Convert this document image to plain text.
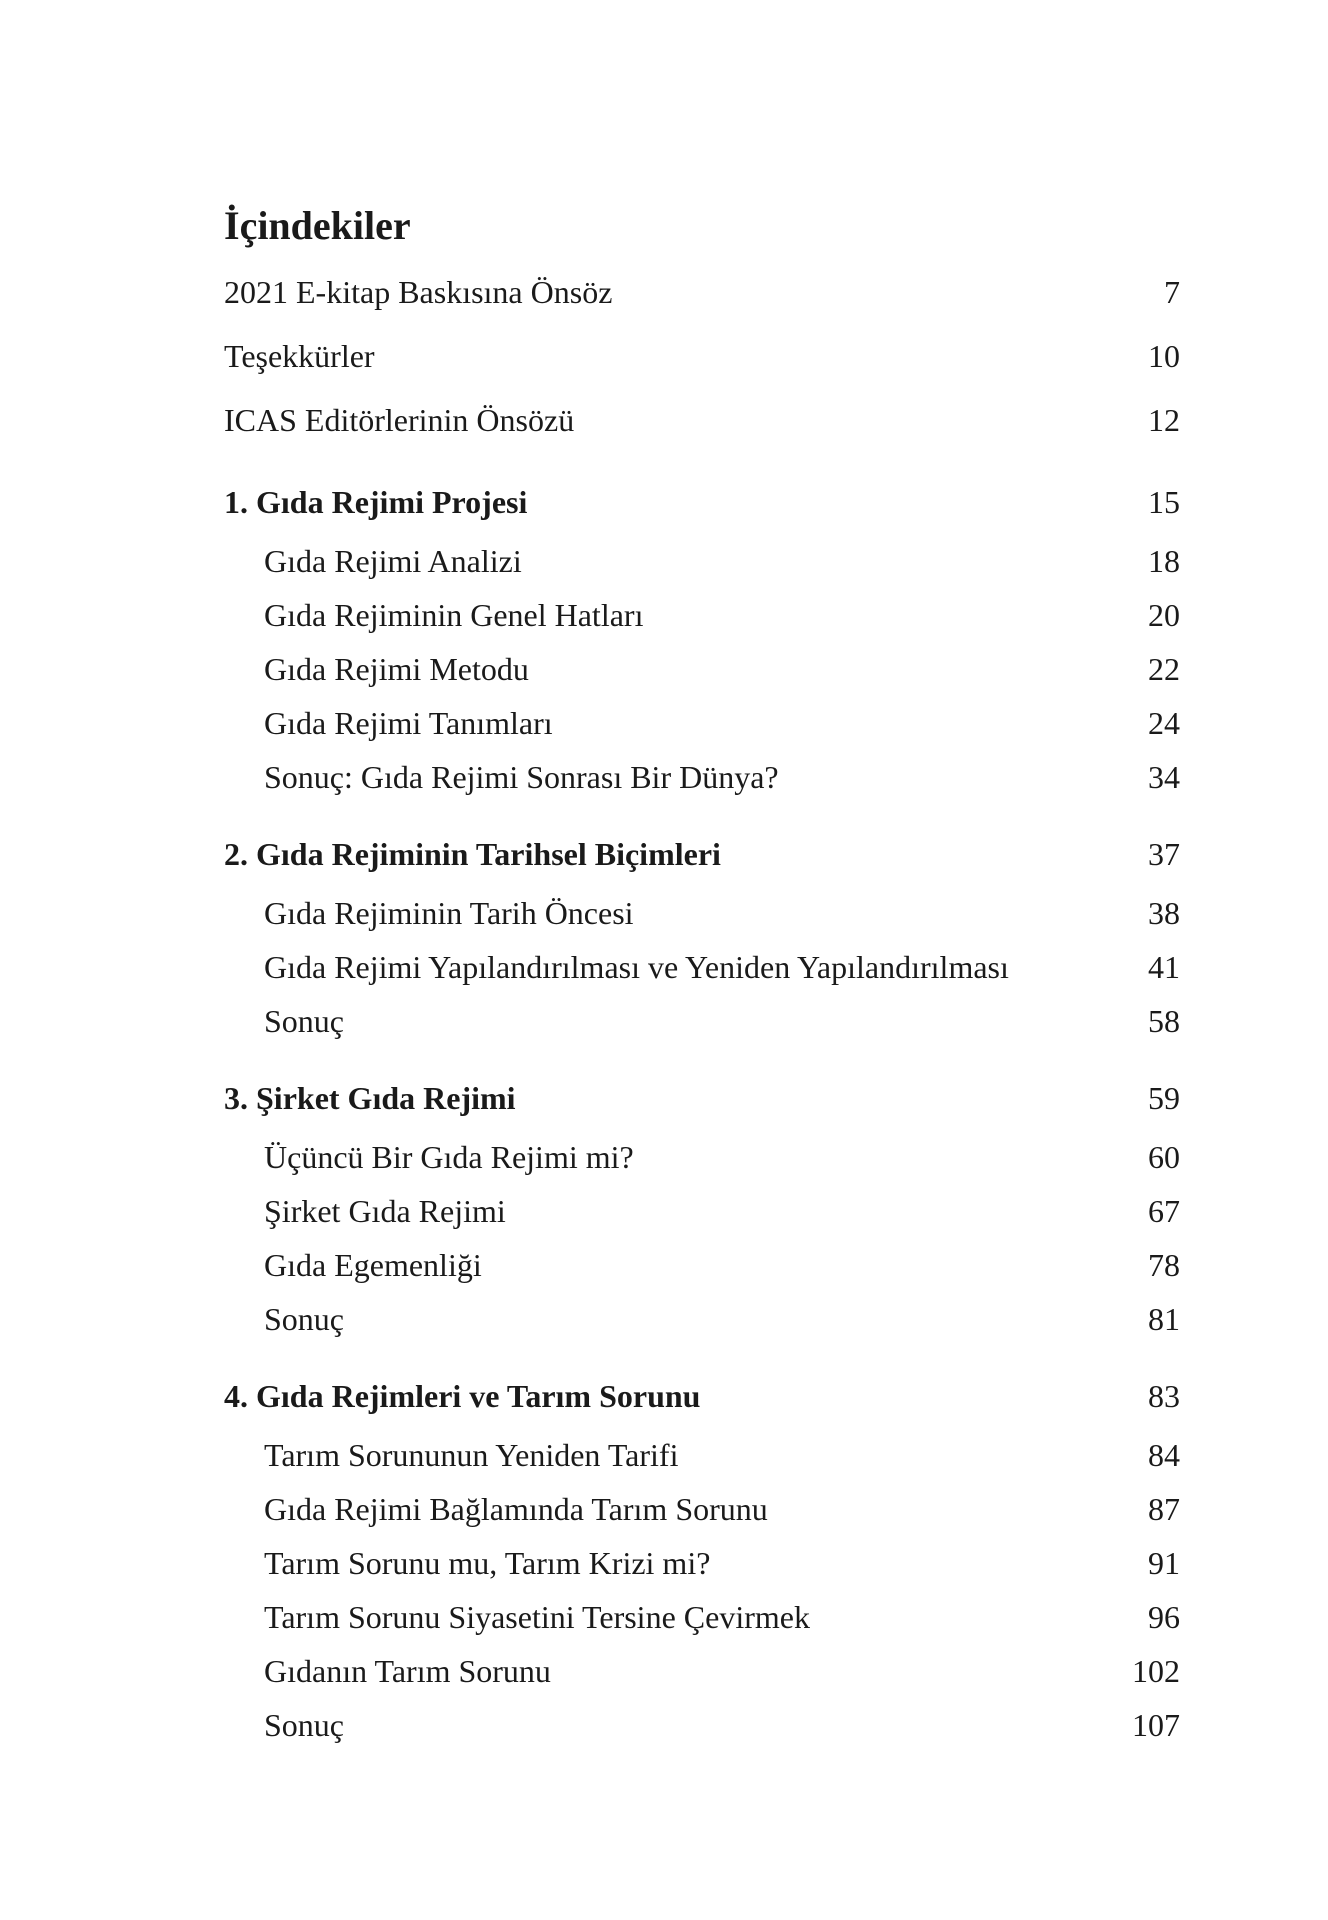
İçindekiler
2021 E-kitap Baskısına Önsöz	7
Teşekkürler	10
ICAS Editörlerinin Önsözü	12
1. Gıda Rejimi Projesi	15
Gıda Rejimi Analizi	18
Gıda Rejiminin Genel Hatları	20
Gıda Rejimi Metodu	22
Gıda Rejimi Tanımları	24
Sonuç: Gıda Rejimi Sonrası Bir Dünya?	34
2. Gıda Rejiminin Tarihsel Biçimleri	37
Gıda Rejiminin Tarih Öncesi	38
Gıda Rejimi Yapılandırılması ve Yeniden Yapılandırılması	41
Sonuç	58
3. Şirket Gıda Rejimi	59
Üçüncü Bir Gıda Rejimi mi?	60
Şirket Gıda Rejimi	67
Gıda Egemenliği	78
Sonuç	81
4. Gıda Rejimleri ve Tarım Sorunu	83
Tarım Sorununun Yeniden Tarifi	84
Gıda Rejimi Bağlamında Tarım Sorunu	87
Tarım Sorunu mu, Tarım Krizi mi?	91
Tarım Sorunu Siyasetini Tersine Çevirmek	96
Gıdanın Tarım Sorunu	102
Sonuç	107
